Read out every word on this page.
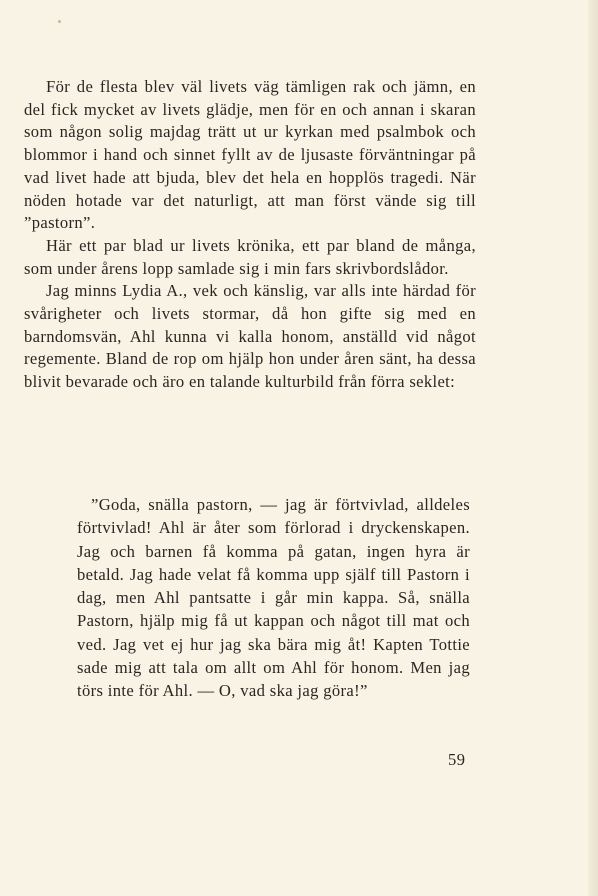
För de flesta blev väl livets väg tämligen rak och jämn, en del fick mycket av livets glädje, men för en och annan i skaran som någon solig majdag trätt ut ur kyrkan med psalmbok och blommor i hand och sinnet fyllt av de ljusaste förväntningar på vad livet hade att bjuda, blev det hela en hopplös tragedi. När nöden hotade var det naturligt, att man först vände sig till ”pastorn”.

Här ett par blad ur livets krönika, ett par bland de många, som under årens lopp samlade sig i min fars skrivbordslådor.

Jag minns Lydia A., vek och känslig, var alls inte härdad för svårigheter och livets stormar, då hon gifte sig med en barndomsvän, Ahl kunna vi kalla honom, anställd vid något regemente. Bland de rop om hjälp hon under åren sänt, ha dessa blivit bevarade och äro en talande kulturbild från förra seklet:

”Goda, snälla pastorn, — jag är förtvivlad, alldeles förtvivlad! Ahl är åter som förlorad i dryckenskapen. Jag och barnen få komma på gatan, ingen hyra är betald. Jag hade velat få komma upp själf till Pastorn i dag, men Ahl pantsatte i går min kappa. Så, snälla Pastorn, hjälp mig få ut kappan och något till mat och ved. Jag vet ej hur jag ska bära mig åt! Kapten Tottie sade mig att tala om allt om Ahl för honom. Men jag törs inte för Ahl. — O, vad ska jag göra!”

59
